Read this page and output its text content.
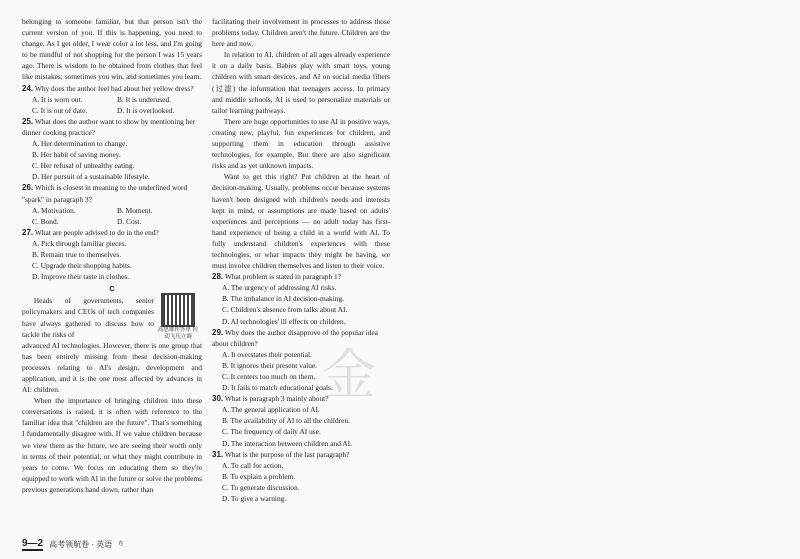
belonging to someone familiar, but that person isn't the current version of you. If this is happening, you need to change. As I get older, I wear color a lot less, and I'm going to be mindful of not shopping for the person I was 15 years ago. There is wisdom to be obtained from clothes that feel like mistakes; sometimes you win, and sometimes you learn.

24. Why does the author feel bad about her yellow dress?

A. It is worn out.	B. It is underused.
C. It is out of date.	D. It is overlooked.

25. What does the author want to show by mentioning her dinner cooking practice?

A. Her determination to change.

B. Her habit of saving money.

C. Her refusal of unhealthy eating.

D. Her pursuit of a sustainable lifestyle.

26. Which is closest in meaning to the underlined word "spark" in paragraph 3?

A. Motivation.	B. Moment.
C. Bond.	D. Cost.

27. What are people advised to do in the end?

A. Pick through familiar pieces.

B. Remain true to themselves.

C. Upgrade their shopping habits.

D. Improve their taste in clothes.

C
高思维作答单 拉动飞凡立调

Heads of governments, senior policymakers and CEOs of tech companies have always gathered to discuss how to tackle the risks of

advanced AI technologies. However, there is one group that has been entirely missing from these decision-making processes relating to AI's design, development and application, and it is the one most affected by advances in AI: children.

When the importance of bringing children into these conversations is raised, it is often with reference to the familiar idea that "children are the future". That's something I fundamentally disagree with. If we value children because we view them as the future, we are seeing their worth only in terms of their potential, or what they might contribute in years to come. We focus on educating them so they're equipped to work with AI in the future or solve the problems previous generations hand down, rather than

facilitating their involvement in processes to address those problems today. Children aren't the future. Children are the here and now.

In relation to AI, children of all ages already experience it on a daily basis. Babies play with smart toys, young children with smart devices, and AI on social media filters (过滤) the information that teenagers access. In primary and middle schools, AI is used to personalize materials or tailor learning pathways.

There are huge opportunities to use AI in positive ways, creating new, playful, fun experiences for children, and supporting them in education through assistive technologies, for example. But there are also significant risks and as yet unknown impacts.

Want to get this right? Put children at the heart of decision-making. Usually, problems occur because systems haven't been designed with children's needs and interests kept in mind, or assumptions are made based on adults' experiences and perceptions — no adult today has first-hand experience of being a child in a world with AI. To fully understand children's experiences with these technologies, or what impacts they might be having, we must involve children themselves and listen to their voice.

28. What problem is stated in paragraph 1?

A. The urgency of addressing AI risks.

B. The imbalance in AI decision-making.

C. Children's absence from talks about AI.

D. AI technologies' ill effects on children.

29. Why does the author disapprove of the popular idea about children?

A. It overstates their potential.

B. It ignores their present value.

C. It centers too much on them.

D. It fails to match educational goals.

30. What is paragraph 3 mainly about?

A. The general application of AI.

B. The availability of AI to all the children.

C. The frequency of daily AI use.

D. The interaction between children and AI.

31. What is the purpose of the last paragraph?

A. To call for action.

B. To explain a problem.

C. To generate discussion.

D. To give a warning.

金
9—2 高考领航卷 · 英语 卷
